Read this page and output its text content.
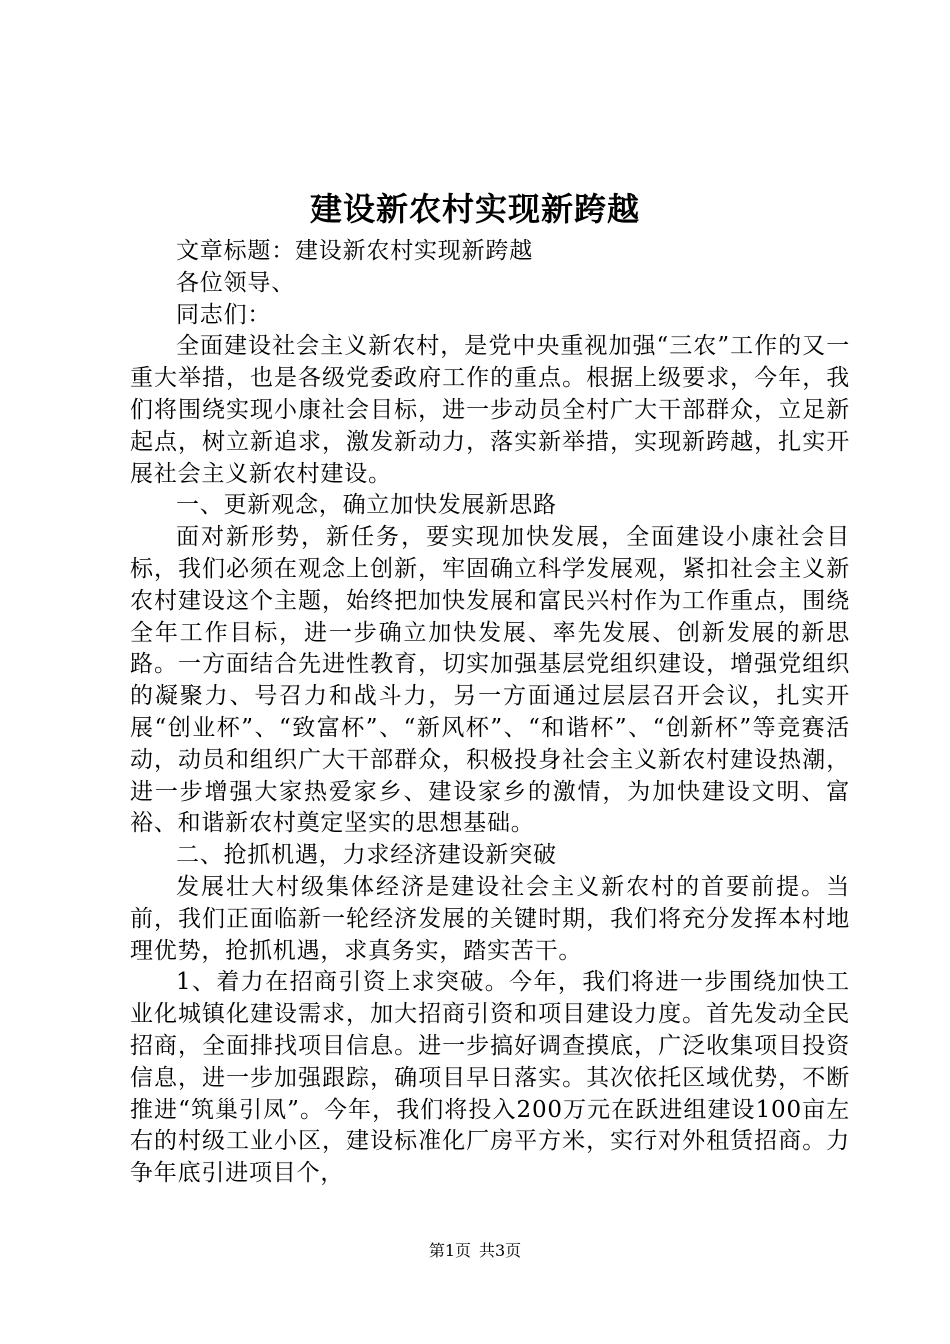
建设新农村实现新跨越

文章标题：建设新农村实现新跨越

各位领导、

同志们：

全面建设社会主义新农村，是党中央重视加强“三农”工作的又一重大举措，也是各级党委政府工作的重点。根据上级要求，今年，我们将围绕实现小康社会目标，进一步动员全村广大干部群众，立足新起点，树立新追求，激发新动力，落实新举措，实现新跨越，扎实开展社会主义新农村建设。

一、更新观念，确立加快发展新思路

面对新形势，新任务，要实现加快发展，全面建设小康社会目标，我们必须在观念上创新，牢固确立科学发展观，紧扣社会主义新农村建设这个主题，始终把加快发展和富民兴村作为工作重点，围绕全年工作目标，进一步确立加快发展、率先发展、创新发展的新思路。一方面结合先进性教育，切实加强基层党组织建设，增强党组织的凝聚力、号召力和战斗力，另一方面通过层层召开会议，扎实开展“创业杯”、“致富杯”、“新风杯”、“和谐杯”、“创新杯”等竞赛活动，动员和组织广大干部群众，积极投身社会主义新农村建设热潮，进一步增强大家热爱家乡、建设家乡的激情，为加快建设文明、富裕、和谐新农村奠定坚实的思想基础。

二、抢抓机遇，力求经济建设新突破

发展壮大村级集体经济是建设社会主义新农村的首要前提。当前，我们正面临新一轮经济发展的关键时期，我们将充分发挥本村地理优势，抢抓机遇，求真务实，踏实苦干。

1、着力在招商引资上求突破。今年，我们将进一步围绕加快工业化城镇化建设需求，加大招商引资和项目建设力度。首先发动全民招商，全面排找项目信息。进一步搞好调查摸底，广泛收集项目投资信息，进一步加强跟踪，确项目早日落实。其次依托区域优势，不断推进“筑巢引凤”。今年，我们将投入200万元在跃进组建设100亩左右的村级工业小区，建设标准化厂房平方米，实行对外租赁招商。力争年底引进项目个，

第1页 共3页
